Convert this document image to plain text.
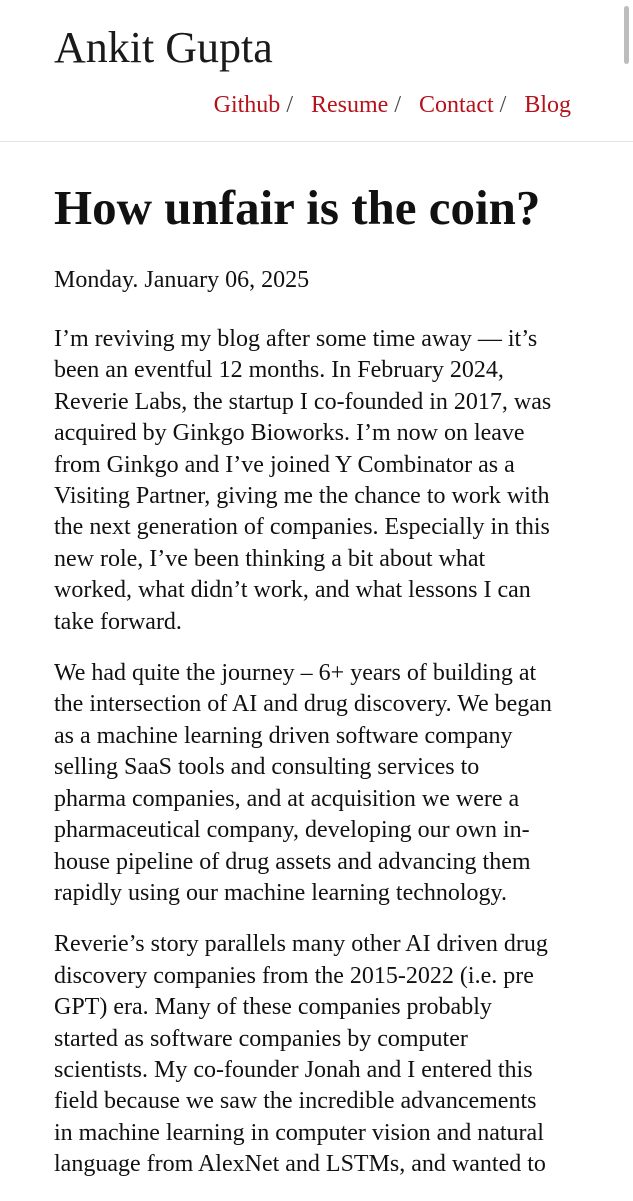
Ankit Gupta
Github / Resume / Contact / Blog
How unfair is the coin?
Monday. January 06, 2025

I’m reviving my blog after some time away — it’s
been an eventful 12 months. In February 2024,
Reverie Labs, the startup I co-founded in 2017, was
acquired by Ginkgo Bioworks. I’m now on leave
from Ginkgo and I’ve joined Y Combinator as a
Visiting Partner, giving me the chance to work with
the next generation of companies. Especially in this
new role, I’ve been thinking a bit about what
worked, what didn’t work, and what lessons I can
take forward.

We had quite the journey – 6+ years of building at
the intersection of AI and drug discovery. We began
as a machine learning driven software company
selling SaaS tools and consulting services to
pharma companies, and at acquisition we were a
pharmaceutical company, developing our own in-
house pipeline of drug assets and advancing them
rapidly using our machine learning technology.

Reverie’s story parallels many other AI driven drug
discovery companies from the 2015-2022 (i.e. pre
GPT) era. Many of these companies probably
started as software companies by computer
scientists. My co-founder Jonah and I entered this
field because we saw the incredible advancements
in machine learning in computer vision and natural
language from AlexNet and LSTMs, and wanted to
